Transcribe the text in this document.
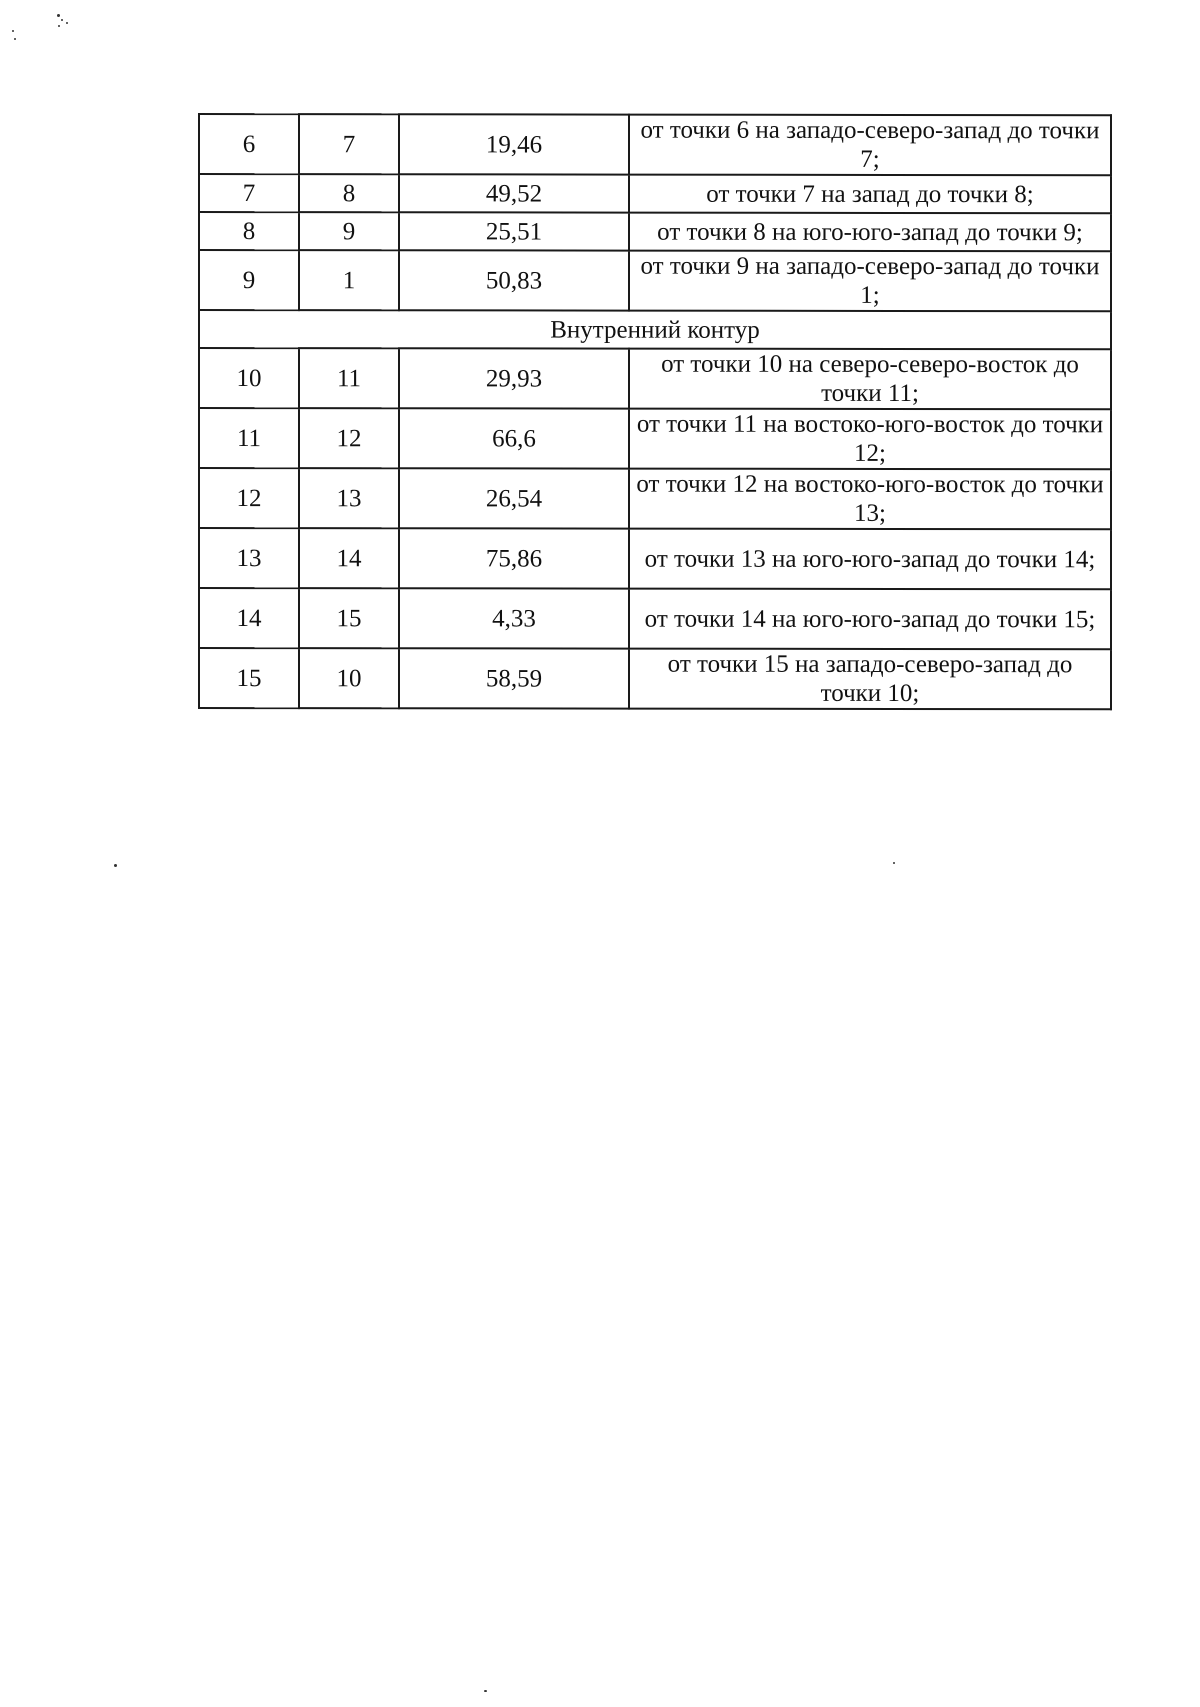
6	7	19,46	от точки 6 на западо-северо-запад до точки 7;
7	8	49,52	от точки 7 на запад до точки 8;
8	9	25,51	от точки 8 на юго-юго-запад до точки 9;
9	1	50,83	от точки 9 на западо-северо-запад до точки 1;
Внутренний контур			
10	11	29,93	от точки 10 на северо-северо-восток до точки 11;
11	12	66,6	от точки 11 на востоко-юго-восток до точки 12;
12	13	26,54	от точки 12 на востоко-юго-восток до точки 13;
13	14	75,86	от точки 13 на юго-юго-запад до точки 14;
14	15	4,33	от точки 14 на юго-юго-запад до точки 15;
15	10	58,59	от точки 15 на западо-северо-запад до точки 10;
